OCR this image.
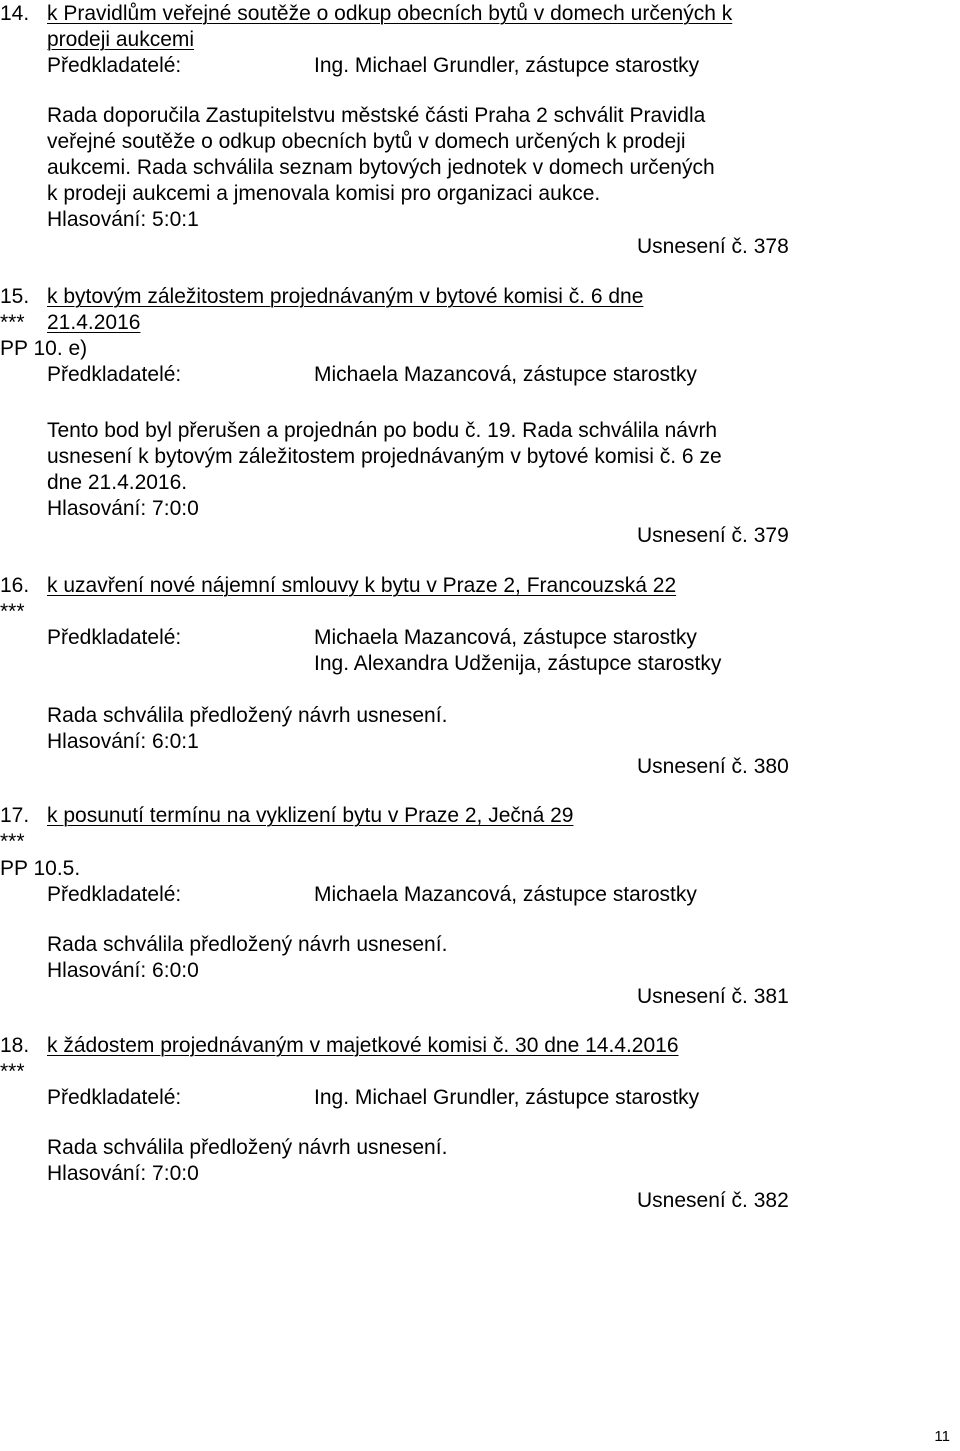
14. k Pravidlům veřejné soutěže o odkup obecních bytů v domech určených k
prodeji aukcemi
Předkladatelé:	Ing. Michael Grundler, zástupce starostky
Rada doporučila Zastupitelstvu městské části Praha 2 schválit Pravidla
veřejné soutěže o odkup obecních bytů v domech určených k prodeji
aukcemi. Rada schválila seznam bytových jednotek v domech určených
k prodeji aukcemi a jmenovala komisi pro organizaci aukce.
Hlasování: 5:0:1
Usnesení č. 378
15.
***
k bytovým záležitostem projednávaným v bytové komisi č. 6 dne
21.4.2016
PP 10. e)
Předkladatelé:	Michaela Mazancová, zástupce starostky
Tento bod byl přerušen a projednán po bodu č. 19. Rada schválila návrh
usnesení k bytovým záležitostem projednávaným v bytové komisi č. 6 ze
dne 21.4.2016.
Hlasování: 7:0:0
Usnesení č. 379
16.
***
k uzavření nové nájemní smlouvy k bytu v Praze 2, Francouzská 22
Předkladatelé:	Michaela Mazancová, zástupce starostky
Ing. Alexandra Udženija, zástupce starostky
Rada schválila předložený návrh usnesení.
Hlasování: 6:0:1
Usnesení č. 380
17.
***
k posunutí termínu na vyklizení bytu v Praze 2, Ječná 29
PP 10.5.
Předkladatelé:	Michaela Mazancová, zástupce starostky
Rada schválila předložený návrh usnesení.
Hlasování: 6:0:0
Usnesení č. 381
18.
***
k žádostem projednávaným v majetkové komisi č. 30 dne 14.4.2016
Předkladatelé:	Ing. Michael Grundler, zástupce starostky
Rada schválila předložený návrh usnesení.
Hlasování: 7:0:0
Usnesení č. 382
11
